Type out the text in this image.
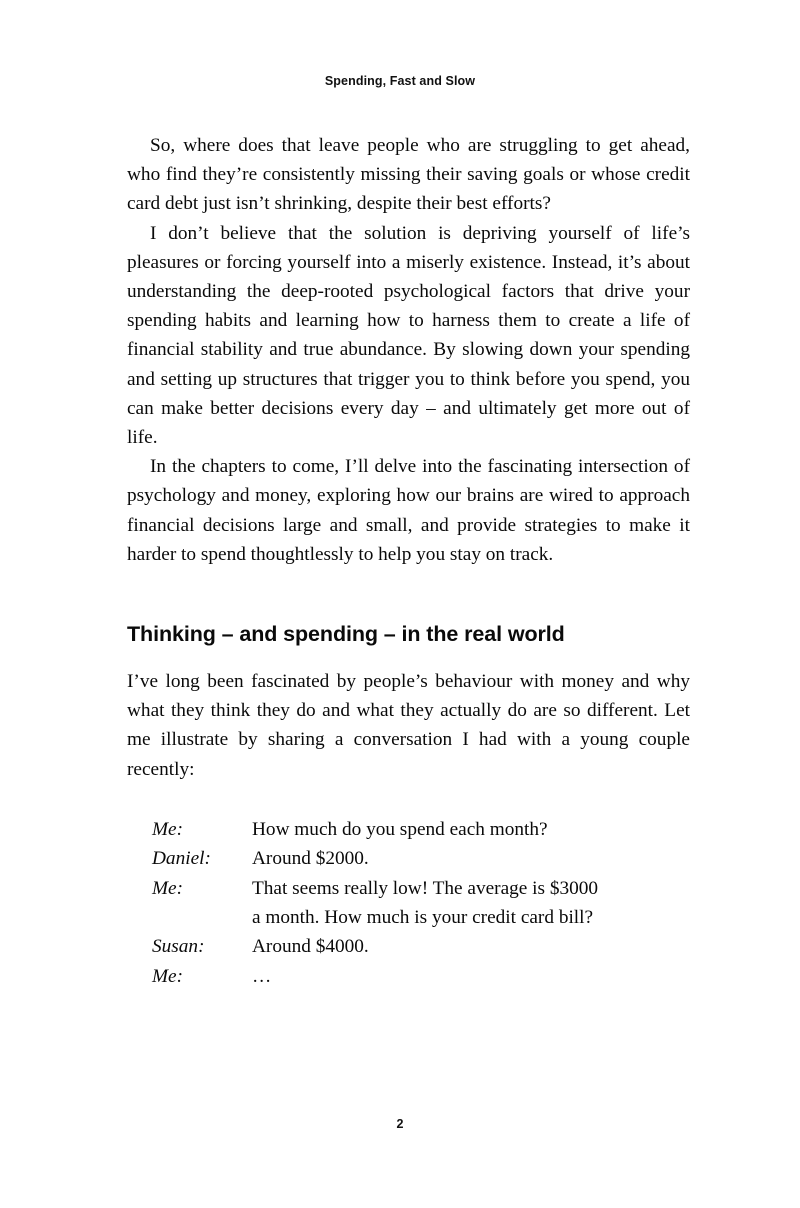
Spending, Fast and Slow

So, where does that leave people who are struggling to get ahead, who find they’re consistently missing their saving goals or whose credit card debt just isn’t shrinking, despite their best efforts?

I don’t believe that the solution is depriving yourself of life’s pleasures or forcing yourself into a miserly existence. Instead, it’s about understanding the deep-rooted psychological factors that drive your spending habits and learning how to harness them to create a life of financial stability and true abundance. By slowing down your spending and setting up structures that trigger you to think before you spend, you can make better decisions every day – and ultimately get more out of life.

In the chapters to come, I’ll delve into the fascinating intersection of psychology and money, exploring how our brains are wired to approach financial decisions large and small, and provide strategies to make it harder to spend thoughtlessly to help you stay on track.

Thinking – and spending – in the real world

I’ve long been fascinated by people’s behaviour with money and why what they think they do and what they actually do are so different. Let me illustrate by sharing a conversation I had with a young couple recently:

Me:	How much do you spend each month?
Daniel:	Around $2000.
Me:	That seems really low! The average is $3000
a month. How much is your credit card bill?
Susan:	Around $4000.
Me:	…
2
